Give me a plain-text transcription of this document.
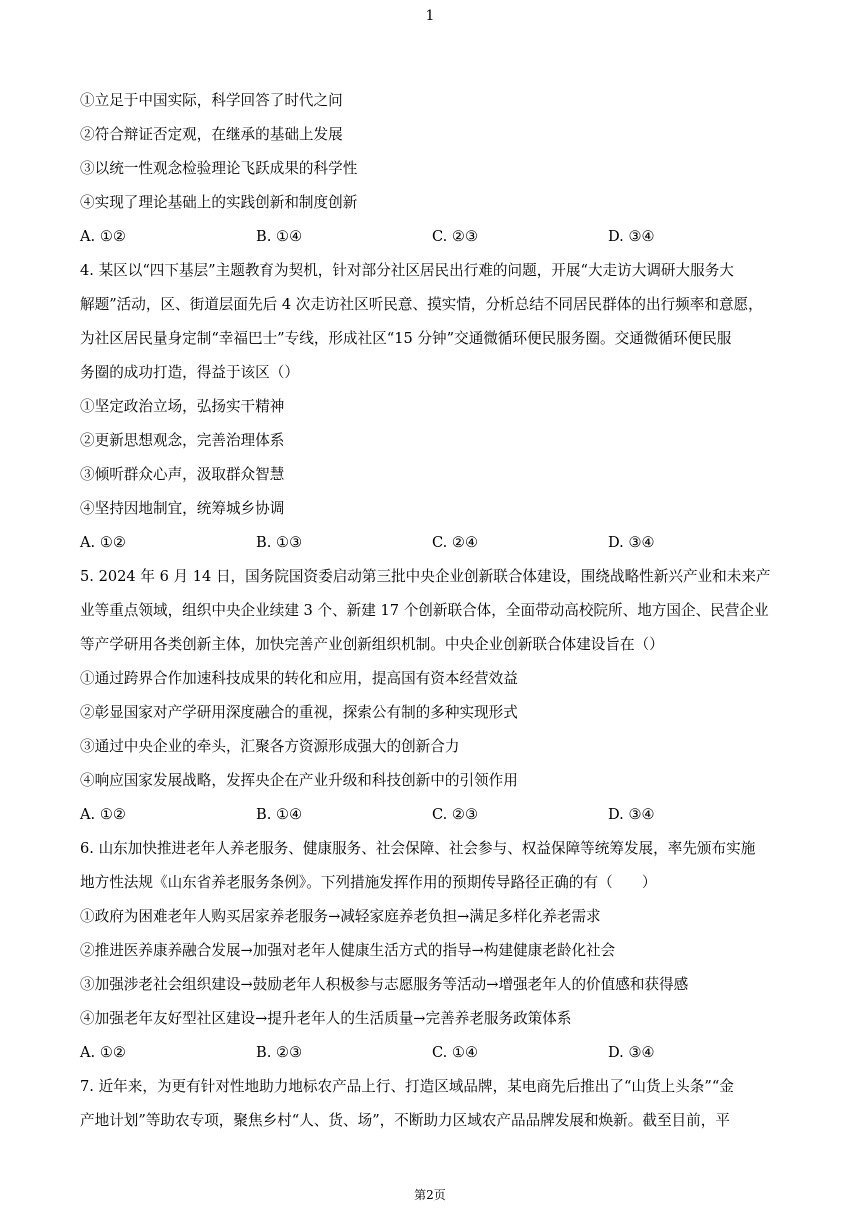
1
①立足于中国实际，科学回答了时代之问
②符合辩证否定观，在继承的基础上发展
③以统一性观念检验理论飞跃成果的科学性
④实现了理论基础上的实践创新和制度创新
A. ①②	B. ①④	C. ②③	D. ③④
4. 某区以“四下基层”主题教育为契机，针对部分社区居民出行难的问题，开展“大走访大调研大服务大
解题”活动，区、街道层面先后 4 次走访社区听民意、摸实情，分析总结不同居民群体的出行频率和意愿，
为社区居民量身定制“幸福巴士”专线，形成社区“15 分钟”交通微循环便民服务圈。交通微循环便民服
务圈的成功打造，得益于该区（）
①坚定政治立场，弘扬实干精神
②更新思想观念，完善治理体系
③倾听群众心声，汲取群众智慧
④坚持因地制宜，统筹城乡协调
A. ①②	B. ①③	C. ②④	D. ③④
5. 2024 年 6 月 14 日，国务院国资委启动第三批中央企业创新联合体建设，围绕战略性新兴产业和未来产
业等重点领域，组织中央企业续建 3 个、新建 17 个创新联合体，全面带动高校院所、地方国企、民营企业
等产学研用各类创新主体，加快完善产业创新组织机制。中央企业创新联合体建设旨在（）
①通过跨界合作加速科技成果的转化和应用，提高国有资本经营效益
②彰显国家对产学研用深度融合的重视，探索公有制的多种实现形式
③通过中央企业的牵头，汇聚各方资源形成强大的创新合力
④响应国家发展战略，发挥央企在产业升级和科技创新中的引领作用
A. ①②	B. ①④	C. ②③	D. ③④
6. 山东加快推进老年人养老服务、健康服务、社会保障、社会参与、权益保障等统筹发展，率先颁布实施
地方性法规《山东省养老服务条例》。下列措施发挥作用的预期传导路径正确的有（　　）
①政府为困难老年人购买居家养老服务→减轻家庭养老负担→满足多样化养老需求
②推进医养康养融合发展→加强对老年人健康生活方式的指导→构建健康老龄化社会
③加强涉老社会组织建设→鼓励老年人积极参与志愿服务等活动→增强老年人的价值感和获得感
④加强老年友好型社区建设→提升老年人的生活质量→完善养老服务政策体系
A. ①②	B. ②③	C. ①④	D. ③④
7. 近年来，为更有针对性地助力地标农产品上行、打造区域品牌，某电商先后推出了“山货上头条”“金
产地计划”等助农专项，聚焦乡村“人、货、场”，不断助力区域农产品品牌发展和焕新。截至目前，平
第2页
